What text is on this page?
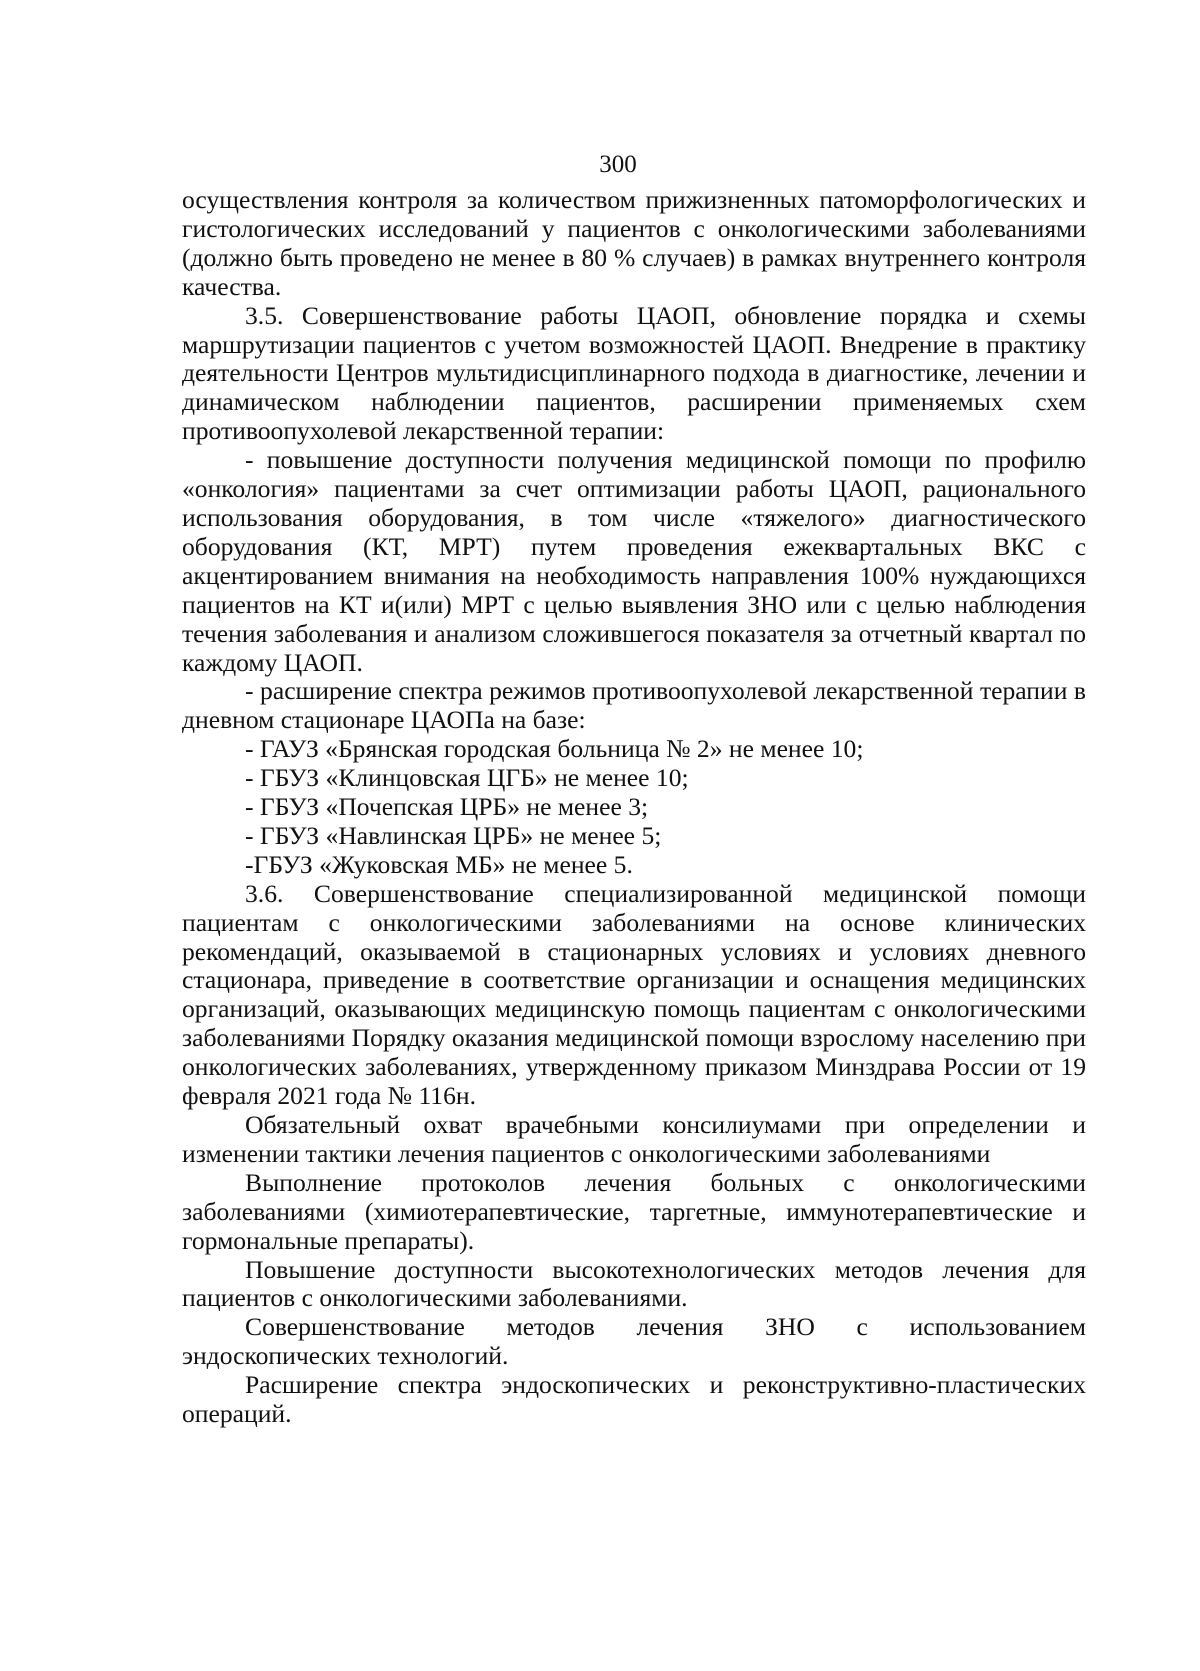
300

осуществления контроля за количеством прижизненных патоморфологических и гистологических исследований у пациентов с онкологическими заболеваниями (должно быть проведено не менее в 80 % случаев) в рамках внутреннего контроля качества.

3.5. Совершенствование работы ЦАОП, обновление порядка и схемы маршрутизации пациентов с учетом возможностей ЦАОП. Внедрение в практику деятельности Центров мультидисциплинарного подхода в диагностике, лечении и динамическом наблюдении пациентов, расширении применяемых схем противоопухолевой лекарственной терапии:

- повышение доступности получения медицинской помощи по профилю «онкология» пациентами за счет оптимизации работы ЦАОП, рационального использования оборудования, в том числе «тяжелого» диагностического оборудования (КТ, МРТ) путем проведения ежеквартальных ВКС с акцентированием внимания на необходимость направления 100% нуждающихся пациентов на КТ и(или) МРТ с целью выявления ЗНО или с целью наблюдения течения заболевания и анализом сложившегося показателя за отчетный квартал по каждому ЦАОП.

- расширение спектра режимов противоопухолевой лекарственной терапии в дневном стационаре ЦАОПа на базе:

- ГАУЗ «Брянская городская больница № 2» не менее 10;

- ГБУЗ «Клинцовская ЦГБ» не менее 10;

- ГБУЗ «Почепская ЦРБ» не менее 3;

- ГБУЗ «Навлинская ЦРБ» не менее 5;

-ГБУЗ «Жуковская МБ» не менее 5.

3.6. Совершенствование специализированной медицинской помощи пациентам с онкологическими заболеваниями на основе клинических рекомендаций, оказываемой в стационарных условиях и условиях дневного стационара, приведение в соответствие организации и оснащения медицинских организаций, оказывающих медицинскую помощь пациентам с онкологическими заболеваниями Порядку оказания медицинской помощи взрослому населению при онкологических заболеваниях, утвержденному приказом Минздрава России от 19 февраля 2021 года № 116н.

Обязательный охват врачебными консилиумами при опрeделении и изменении тактики лечения пациентов с онкологическими заболеваниями

Выполнение протоколов лечения больных с онкологическими заболеваниями (химиотерапевтические, таргетные, иммунотерапевтические и гормональные препараты).

Повышение доступности высокотехнологических методов лечения для пациентов с онкологическими заболеваниями.

Совершенствование методов лечения ЗНО с использованием эндоскопических технологий.

Расширение спектра эндоскопических и реконструктивно-пластических операций.
